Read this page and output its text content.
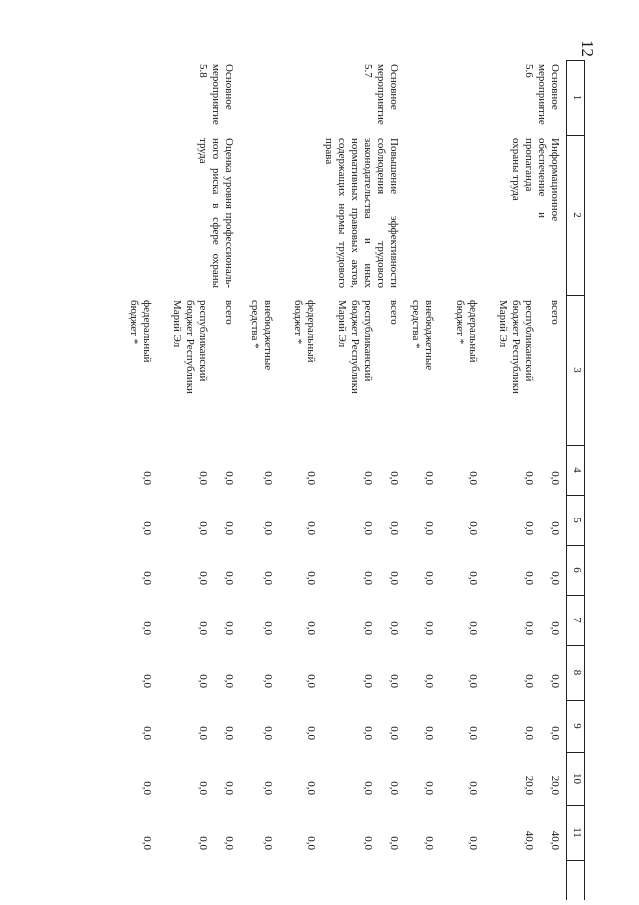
12
1
2
3
4
5
6
7
8
9
10
11
Основное мероприятие 5.6
Информационное обеспечение и пропаганда охраны труда
всего
0,0
0,0
0,0
0,0
0,0
0,0
20,0
40,0
республиканский бюджет Республики Марий Эл
0,0
0,0
0,0
0,0
0,0
0,0
20,0
40,0
федеральный бюджет *
0,0
0,0
0,0
0,0
0,0
0,0
0,0
0,0
внебюджетные средства *
0,0
0,0
0,0
0,0
0,0
0,0
0,0
0,0
Основное мероприятие 5.7
Повышение эффективности соблюдения трудового законодательства и иных нормативных правовых актов, содержащих нормы трудового права
всего
0,0
0,0
0,0
0,0
0,0
0,0
0,0
0,0
республиканский бюджет Республики Марий Эл
0,0
0,0
0,0
0,0
0,0
0,0
0,0
0,0
федеральный бюджет *
0,0
0,0
0,0
0,0
0,0
0,0
0,0
0,0
внебюджетные средства *
0,0
0,0
0,0
0,0
0,0
0,0
0,0
0,0
Основное мероприятие 5.8
Оценка уровня профессиональ-ного риска в сфере охраны труда
всего
0,0
0,0
0,0
0,0
0,0
0,0
0,0
0,0
республиканский бюджет Республики Марий Эл
0,0
0,0
0,0
0,0
0,0
0,0
0,0
0,0
федеральный бюджет *
0,0
0,0
0,0
0,0
0,0
0,0
0,0
0,0
